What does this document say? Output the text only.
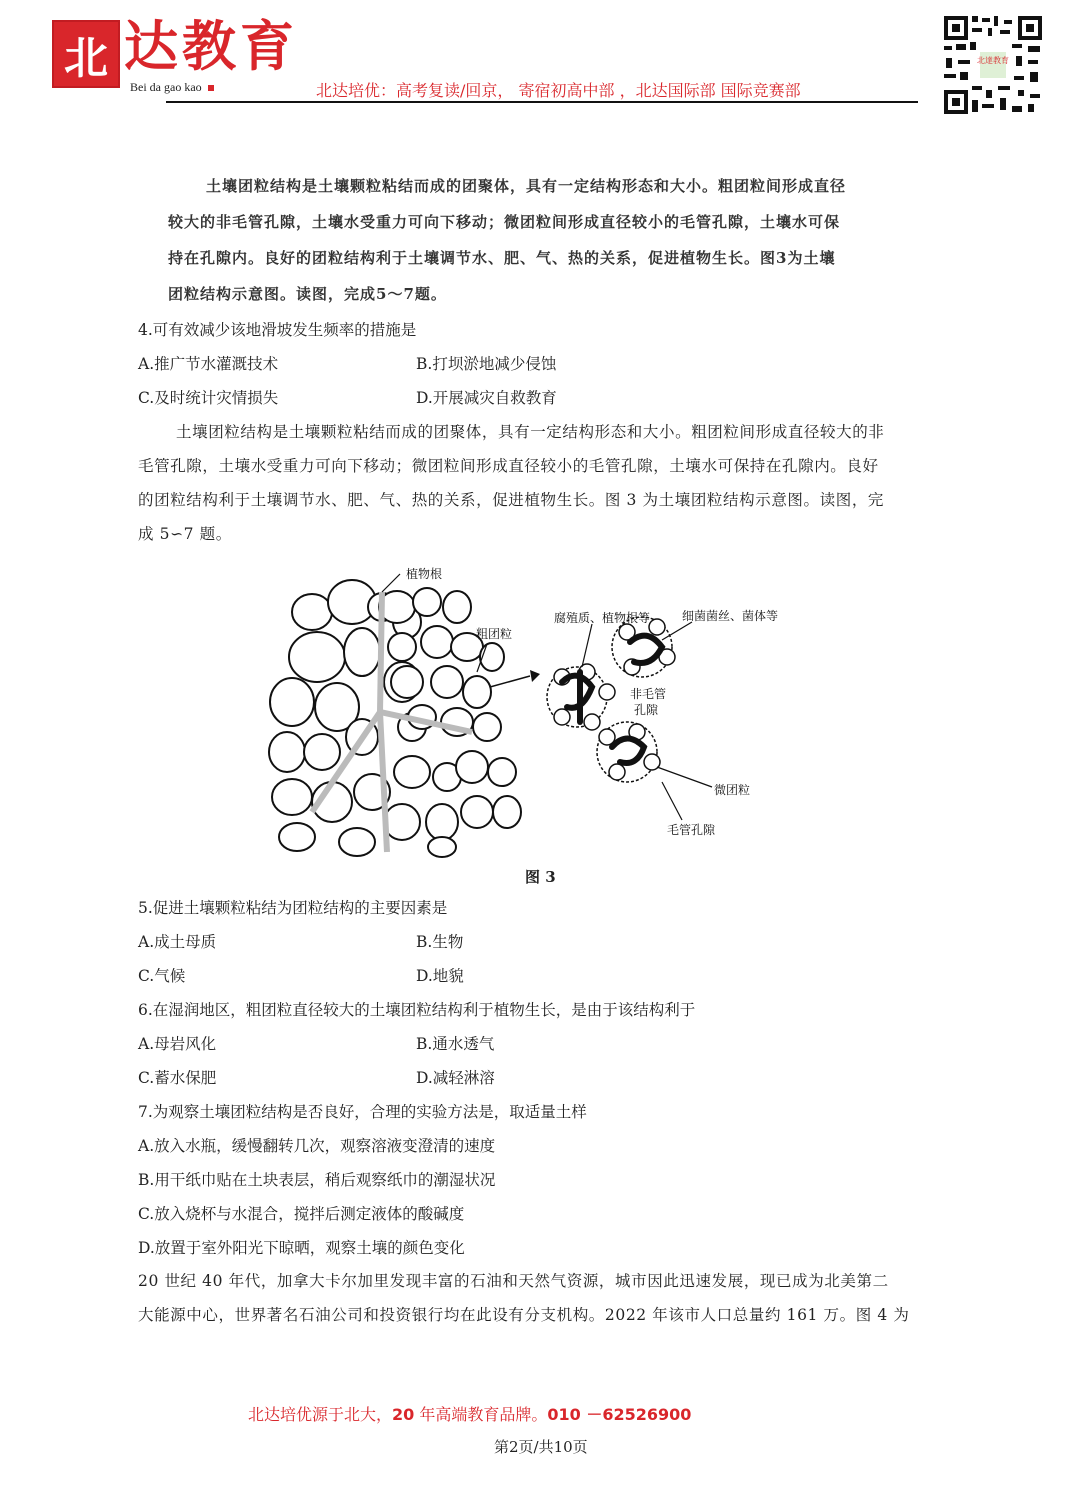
北 达教育
Bei da gao kao	北达培优：高考复读/回京， 寄宿初高中部 ，北达国际部 国际竞赛部
北達教育

土壤团粒结构是土壤颗粒粘结而成的团聚体，具有一定结构形态和大小。粗团粒间形成直径

较大的非毛管孔隙，土壤水受重力可向下移动；微团粒间形成直径较小的毛管孔隙，土壤水可保

持在孔隙内。良好的团粒结构利于土壤调节水、肥、气、热的关系，促进植物生长。图3为土壤

团粒结构示意图。读图，完成5～7题。

4.可有效减少该地滑坡发生频率的措施是
A.推广节水灌溉技术	B.打坝淤地减少侵蚀
C.及时统计灾情损失	D.开展减灾自救教育

土壤团粒结构是土壤颗粒粘结而成的团聚体，具有一定结构形态和大小。粗团粒间形成直径较大的非

毛管孔隙，土壤水受重力可向下移动；微团粒间形成直径较小的毛管孔隙，土壤水可保持在孔隙内。良好

的团粒结构利于土壤调节水、肥、气、热的关系，促进植物生长。图 3 为土壤团粒结构示意图。读图，完

成 5∽7 题。

植物根
粗团粒
腐殖质、植物根等	细菌菌丝、菌体等
非毛管
孔隙
微团粒
毛管孔隙
图 3
5.促进土壤颗粒粘结为团粒结构的主要因素是
A.成土母质	B.生物
C.气候	D.地貌
6.在湿润地区，粗团粒直径较大的土壤团粒结构利于植物生长，是由于该结构利于
A.母岩风化	B.通水透气
C.蓄水保肥	D.减轻淋溶
7.为观察土壤团粒结构是否良好，合理的实验方法是，取适量土样
A.放入水瓶，缓慢翻转几次，观察溶液变澄清的速度
B.用干纸巾贴在土块表层，稍后观察纸巾的潮湿状况
C.放入烧杯与水混合，搅拌后测定液体的酸碱度
D.放置于室外阳光下晾晒，观察土壤的颜色变化

20 世纪 40 年代，加拿大卡尔加里发现丰富的石油和天然气资源，城市因此迅速发展，现已成为北美第二

大能源中心，世界著名石油公司和投资银行均在此设有分支机构。2022 年该市人口总量约 161 万。图 4 为

北达培优源于北大，20 年高端教育品牌。010 －62526900
第2页/共10页
